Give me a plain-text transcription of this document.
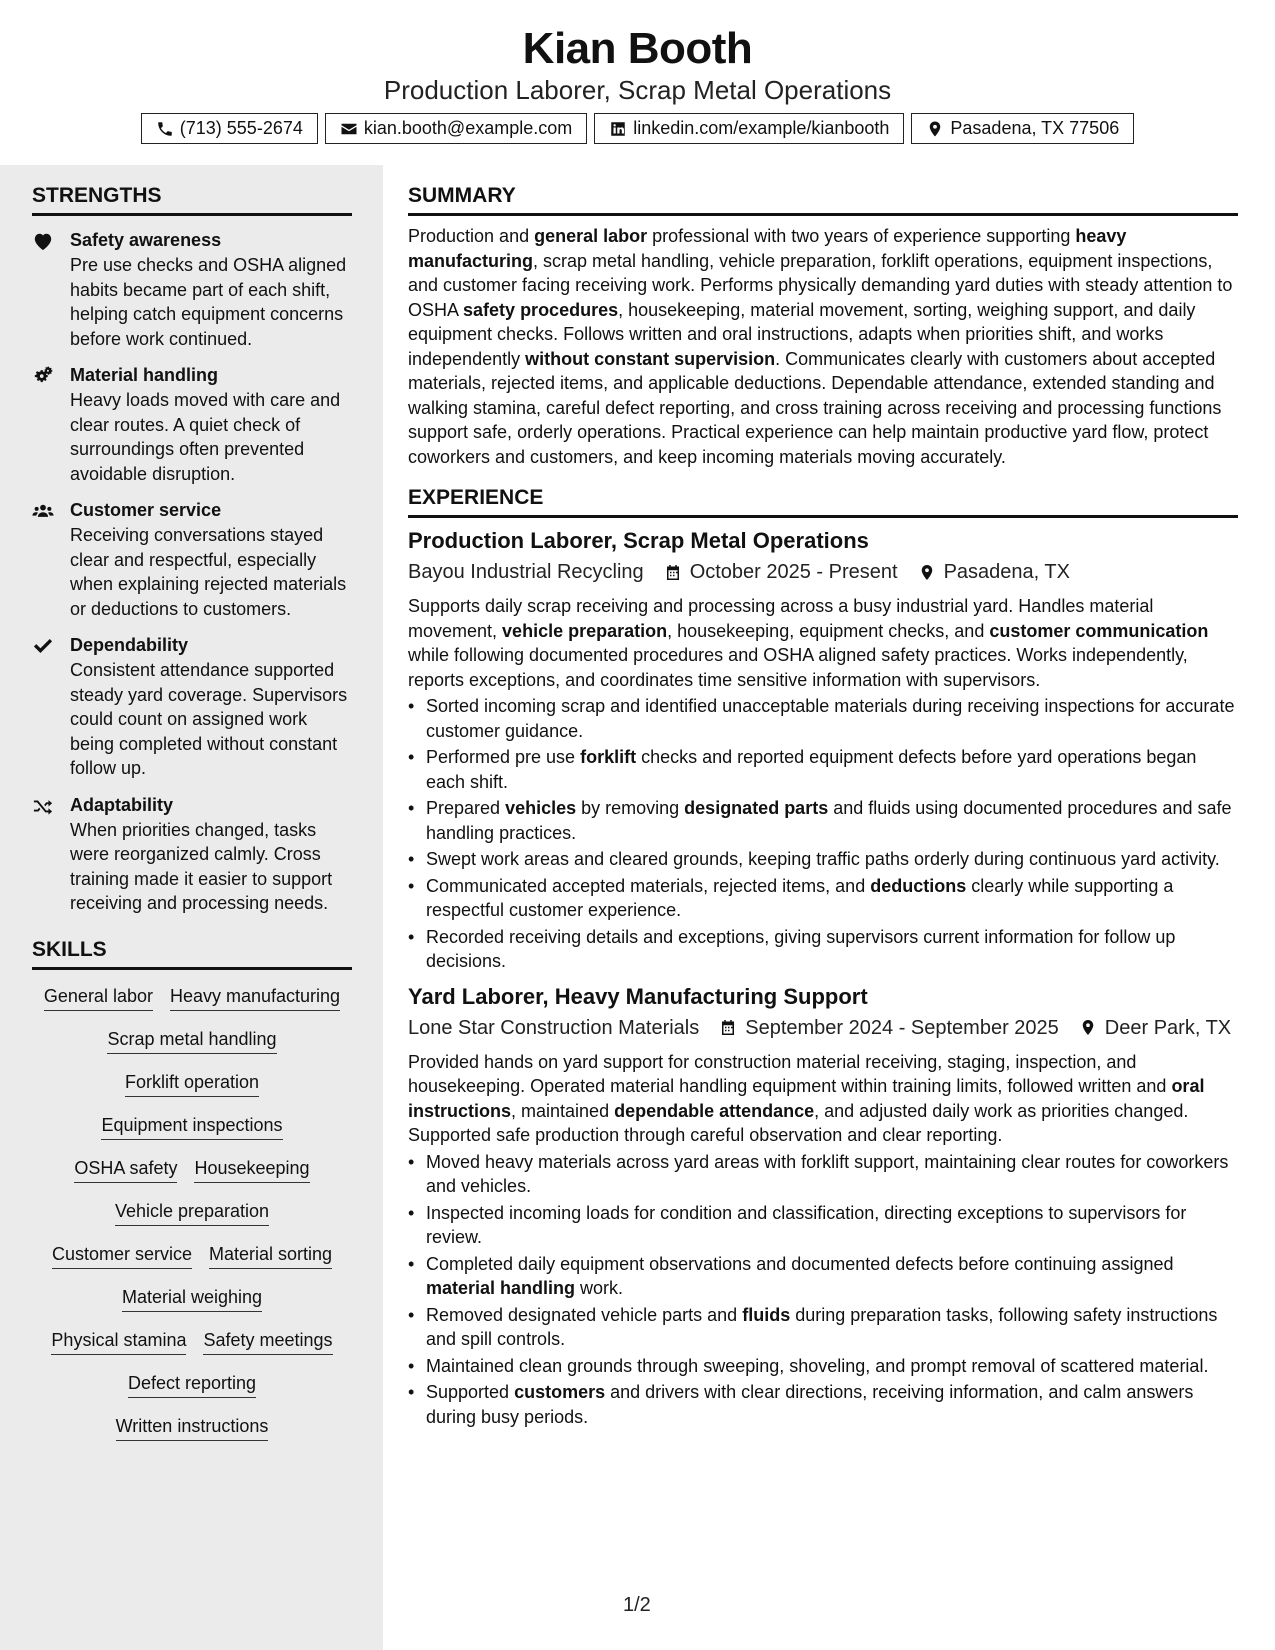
Kian Booth
Production Laborer, Scrap Metal Operations
(713) 555-2674	kian.booth@example.com	linkedin.com/example/kianbooth	Pasadena, TX 77506
STRENGTHS
Safety awareness
Pre use checks and OSHA aligned habits became part of each shift, helping catch equipment concerns before work continued.
Material handling
Heavy loads moved with care and clear routes. A quiet check of surroundings often prevented avoidable disruption.
Customer service
Receiving conversations stayed clear and respectful, especially when explaining rejected materials or deductions to customers.
Dependability
Consistent attendance supported steady yard coverage. Supervisors could count on assigned work being completed without constant follow up.
Adaptability
When priorities changed, tasks were reorganized calmly. Cross training made it easier to support receiving and processing needs.
SKILLS
General labor Heavy manufacturing
Scrap metal handling
Forklift operation
Equipment inspections
OSHA safety Housekeeping
Vehicle preparation
Customer service Material sorting
Material weighing
Physical stamina Safety meetings
Defect reporting
Written instructions
SUMMARY
Production and general labor professional with two years of experience supporting heavy manufacturing, scrap metal handling, vehicle preparation, forklift operations, equipment inspections, and customer facing receiving work. Performs physically demanding yard duties with steady attention to OSHA safety procedures, housekeeping, material movement, sorting, weighing support, and daily equipment checks. Follows written and oral instructions, adapts when priorities shift, and works independently without constant supervision. Communicates clearly with customers about accepted materials, rejected items, and applicable deductions. Dependable attendance, extended standing and walking stamina, careful defect reporting, and cross training across receiving and processing functions support safe, orderly operations. Practical experience can help maintain productive yard flow, protect coworkers and customers, and keep incoming materials moving accurately.
EXPERIENCE
Production Laborer, Scrap Metal Operations
Bayou Industrial Recycling October 2025 - Present Pasadena, TX
Supports daily scrap receiving and processing across a busy industrial yard. Handles material movement, vehicle preparation, housekeeping, equipment checks, and customer communication while following documented procedures and OSHA aligned safety practices. Works independently, reports exceptions, and coordinates time sensitive information with supervisors.
• Sorted incoming scrap and identified unacceptable materials during receiving inspections for accurate customer guidance.
• Performed pre use forklift checks and reported equipment defects before yard operations began each shift.
• Prepared vehicles by removing designated parts and fluids using documented procedures and safe handling practices.
• Swept work areas and cleared grounds, keeping traffic paths orderly during continuous yard activity.
• Communicated accepted materials, rejected items, and deductions clearly while supporting a respectful customer experience.
• Recorded receiving details and exceptions, giving supervisors current information for follow up decisions.
Yard Laborer, Heavy Manufacturing Support
Lone Star Construction Materials September 2024 - September 2025 Deer Park, TX
Provided hands on yard support for construction material receiving, staging, inspection, and housekeeping. Operated material handling equipment within training limits, followed written and oral instructions, maintained dependable attendance, and adjusted daily work as priorities changed. Supported safe production through careful observation and clear reporting.
• Moved heavy materials across yard areas with forklift support, maintaining clear routes for coworkers and vehicles.
• Inspected incoming loads for condition and classification, directing exceptions to supervisors for review.
• Completed daily equipment observations and documented defects before continuing assigned material handling work.
• Removed designated vehicle parts and fluids during preparation tasks, following safety instructions and spill controls.
• Maintained clean grounds through sweeping, shoveling, and prompt removal of scattered material.
• Supported customers and drivers with clear directions, receiving information, and calm answers during busy periods.
1/2
